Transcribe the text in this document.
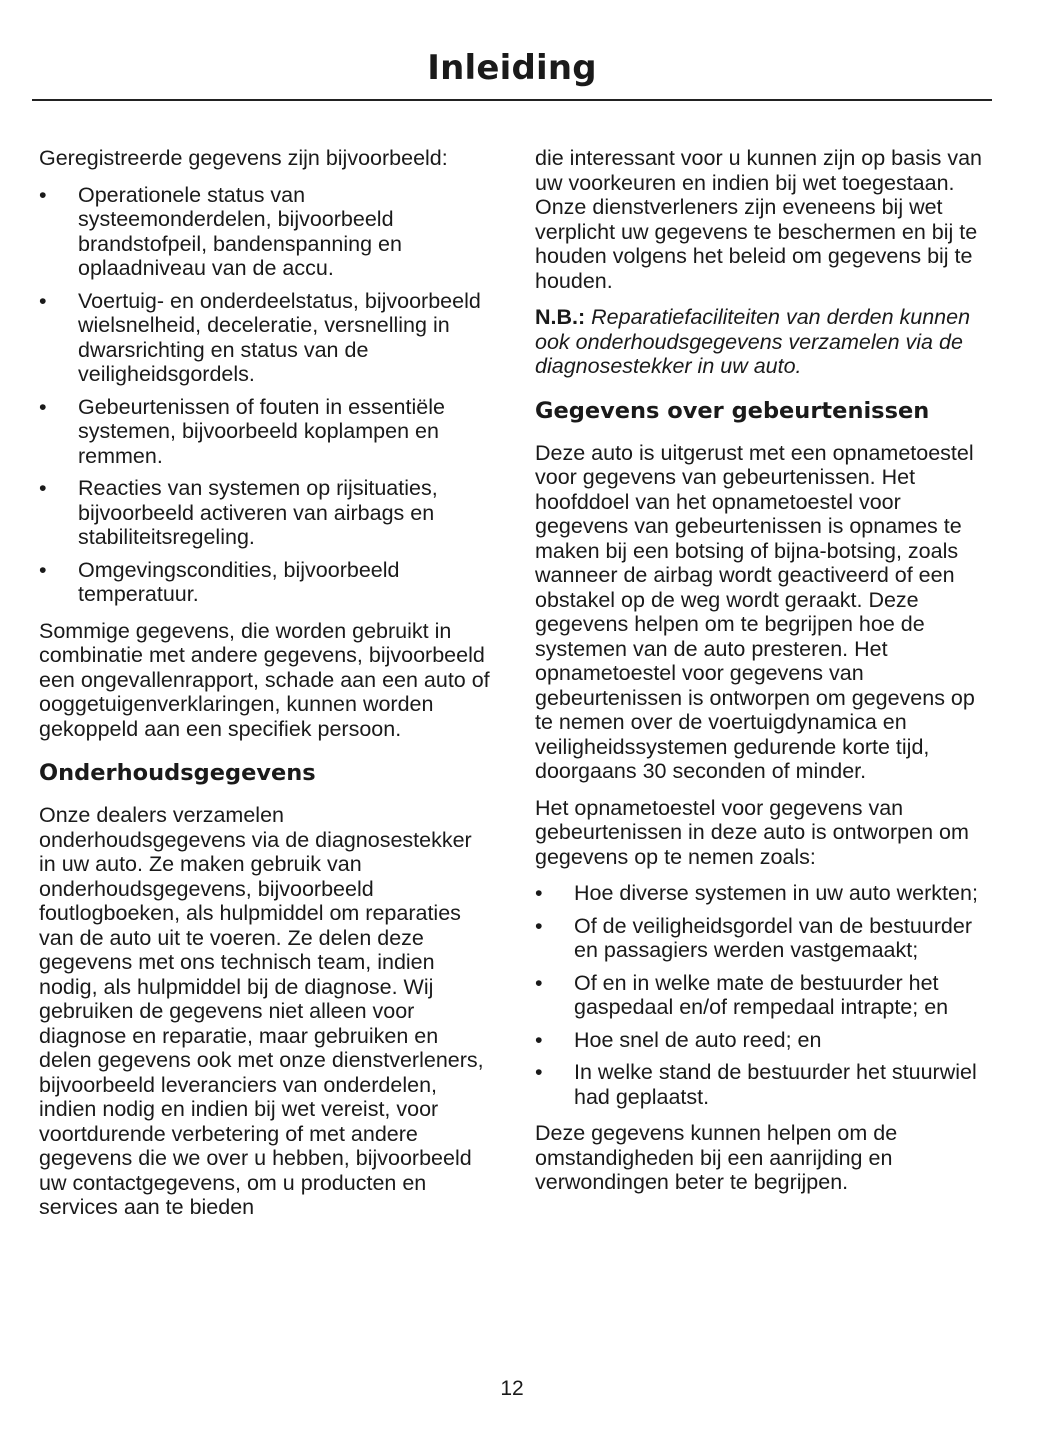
Inleiding

Geregistreerde gegevens zijn bijvoorbeeld:

• Operationele status van systeemonderdelen, bijvoorbeeld brandstofpeil, bandenspanning en oplaadniveau van de accu.
• Voertuig- en onderdeelstatus, bijvoorbeeld wielsnelheid, deceleratie, versnelling in dwarsrichting en status van de veiligheidsgordels.
• Gebeurtenissen of fouten in essentiële systemen, bijvoorbeeld koplampen en remmen.
• Reacties van systemen op rijsituaties, bijvoorbeeld activeren van airbags en stabiliteitsregeling.
• Omgevingscondities, bijvoorbeeld temperatuur.

Sommige gegevens, die worden gebruikt in combinatie met andere gegevens, bijvoorbeeld een ongevallenrapport, schade aan een auto of ooggetuigenverklaringen, kunnen worden gekoppeld aan een specifiek persoon.

Onderhoudsgegevens

Onze dealers verzamelen onderhoudsgegevens via de diagnosestekker in uw auto. Ze maken gebruik van onderhoudsgegevens, bijvoorbeeld foutlogboeken, als hulpmiddel om reparaties van de auto uit te voeren. Ze delen deze gegevens met ons technisch team, indien nodig, als hulpmiddel bij de diagnose. Wij gebruiken de gegevens niet alleen voor diagnose en reparatie, maar gebruiken en delen gegevens ook met onze dienstverleners, bijvoorbeeld leveranciers van onderdelen, indien nodig en indien bij wet vereist, voor voortdurende verbetering of met andere gegevens die we over u hebben, bijvoorbeeld uw contactgegevens, om u producten en services aan te bieden

die interessant voor u kunnen zijn op basis van uw voorkeuren en indien bij wet toegestaan. Onze dienstverleners zijn eveneens bij wet verplicht uw gegevens te beschermen en bij te houden volgens het beleid om gegevens bij te houden.

N.B.: Reparatiefaciliteiten van derden kunnen ook onderhoudsgegevens verzamelen via de diagnosestekker in uw auto.

Gegevens over gebeurtenissen

Deze auto is uitgerust met een opnametoestel voor gegevens van gebeurtenissen. Het hoofddoel van het opnametoestel voor gegevens van gebeurtenissen is opnames te maken bij een botsing of bijna-botsing, zoals wanneer de airbag wordt geactiveerd of een obstakel op de weg wordt geraakt. Deze gegevens helpen om te begrijpen hoe de systemen van de auto presteren. Het opnametoestel voor gegevens van gebeurtenissen is ontworpen om gegevens op te nemen over de voertuigdynamica en veiligheidssystemen gedurende korte tijd, doorgaans 30 seconden of minder.

Het opnametoestel voor gegevens van gebeurtenissen in deze auto is ontworpen om gegevens op te nemen zoals:

• Hoe diverse systemen in uw auto werkten;
• Of de veiligheidsgordel van de bestuurder en passagiers werden vastgemaakt;
• Of en in welke mate de bestuurder het gaspedaal en/of rempedaal intrapte; en
• Hoe snel de auto reed; en
• In welke stand de bestuurder het stuurwiel had geplaatst.

Deze gegevens kunnen helpen om de omstandigheden bij een aanrijding en verwondingen beter te begrijpen.

12
